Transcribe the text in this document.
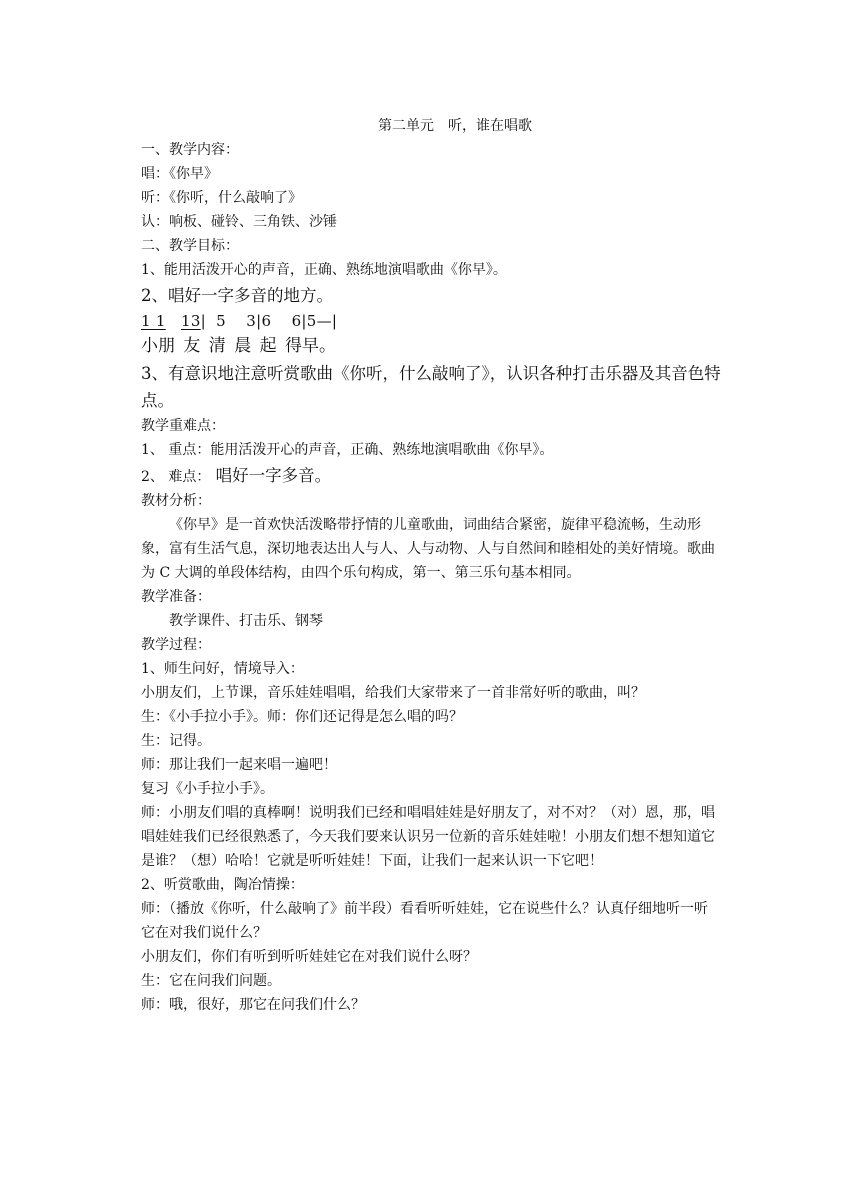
第二单元　听，谁在唱歌
一、教学内容：
唱：《你早》
听：《你听，什么敲响了》
认：响板、碰铃、三角铁、沙锤
二、教学目标：
1、能用活泼开心的声音，正确、熟练地演唱歌曲《你早》。
2、唱好一字多音的地方。
1 1 13|  5    3|6    6|5—|
小朋 友 清 晨 起 得早。
3、有意识地注意听赏歌曲《你听，什么敲响了》，认识各种打击乐器及其音色特点。
教学重难点：
1、 重点：能用活泼开心的声音，正确、熟练地演唱歌曲《你早》。
2、 难点： 唱好一字多音。
教材分析：
《你早》是一首欢快活泼略带抒情的儿童歌曲，词曲结合紧密，旋律平稳流畅，生动形象，富有生活气息，深切地表达出人与人、人与动物、人与自然间和睦相处的美好情境。歌曲为 C 大调的单段体结构，由四个乐句构成，第一、第三乐句基本相同。
教学准备：
教学课件、打击乐、钢琴
教学过程：
1、师生问好，情境导入：
小朋友们，上节课，音乐娃娃唱唱，给我们大家带来了一首非常好听的歌曲，叫？
生：《小手拉小手》。师：你们还记得是怎么唱的吗？
生：记得。
师：那让我们一起来唱一遍吧！
复习《小手拉小手》。
师：小朋友们唱的真棒啊！说明我们已经和唱唱娃娃是好朋友了，对不对？（对）恩，那，唱唱娃娃我们已经很熟悉了，今天我们要来认识另一位新的音乐娃娃啦！小朋友们想不想知道它是谁？（想）哈哈！它就是听听娃娃！下面，让我们一起来认识一下它吧！
2、听赏歌曲，陶冶情操：
师：（播放《你听，什么敲响了》前半段）看看听听娃娃，它在说些什么？认真仔细地听一听它在对我们说什么？
小朋友们，你们有听到听听娃娃它在对我们说什么呀？
生：它在问我们问题。
师：哦，很好，那它在问我们什么？
